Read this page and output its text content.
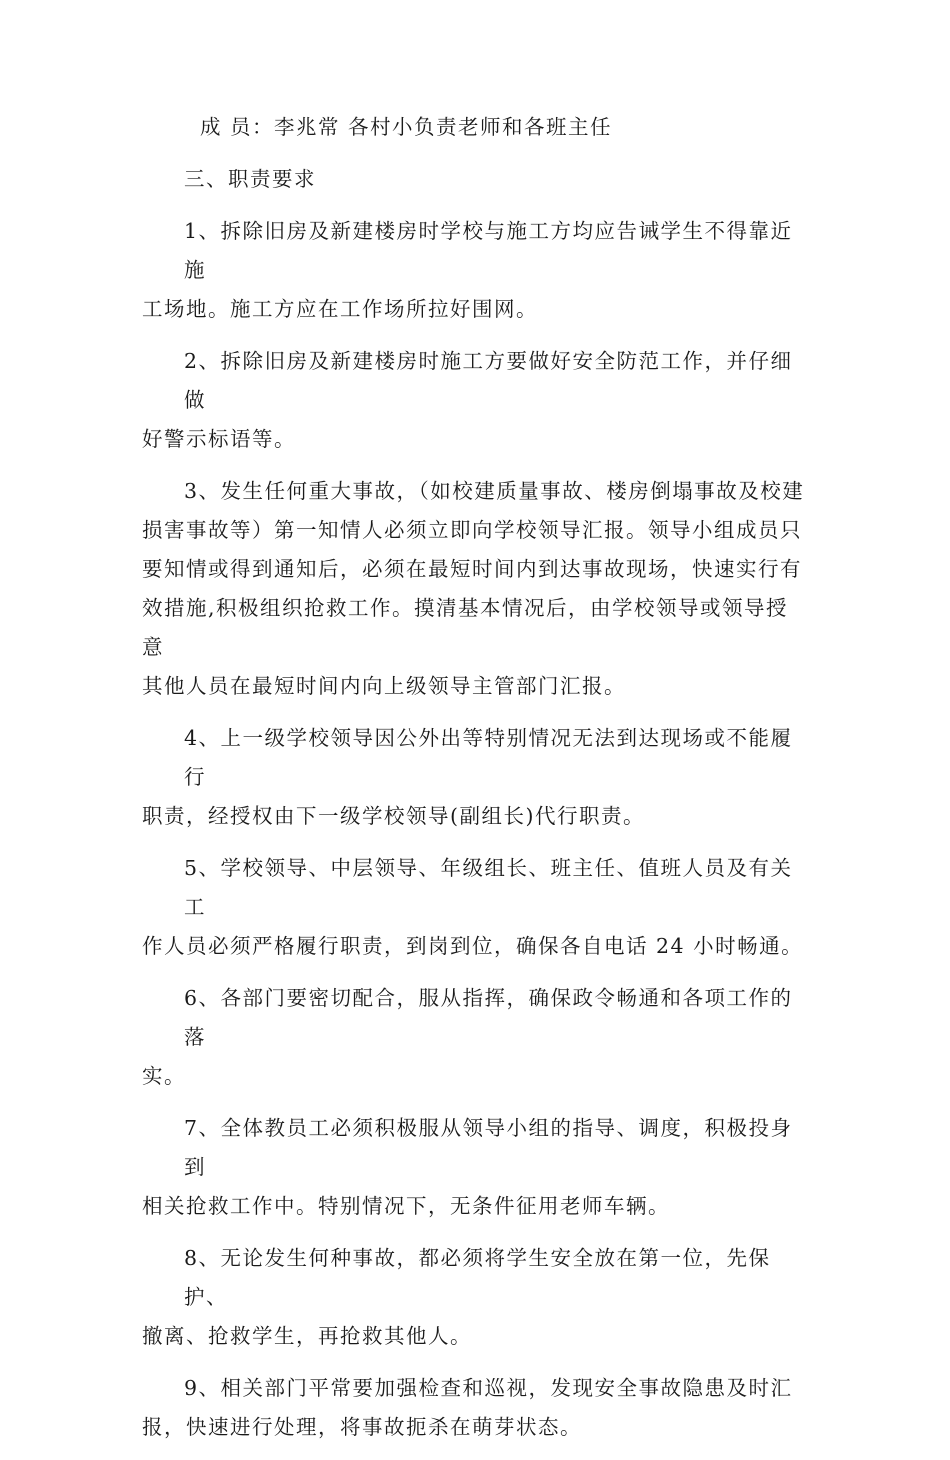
成 员：李兆常 各村小负责老师和各班主任

三、职责要求

1、拆除旧房及新建楼房时学校与施工方均应告诫学生不得靠近施

工场地。施工方应在工作场所拉好围网。

2、拆除旧房及新建楼房时施工方要做好安全防范工作，并仔细做

好警示标语等。

3、发生任何重大事故，（如校建质量事故、楼房倒塌事故及校建

损害事故等）第一知情人必须立即向学校领导汇报。领导小组成员只

要知情或得到通知后，必须在最短时间内到达事故现场，快速实行有

效措施,积极组织抢救工作。摸清基本情况后，由学校领导或领导授意

其他人员在最短时间内向上级领导主管部门汇报。

4、上一级学校领导因公外出等特别情况无法到达现场或不能履行

职责，经授权由下一级学校领导(副组长)代行职责。

5、学校领导、中层领导、年级组长、班主任、值班人员及有关工

作人员必须严格履行职责，到岗到位，确保各自电话 24 小时畅通。

6、各部门要密切配合，服从指挥，确保政令畅通和各项工作的落

实。

7、全体教员工必须积极服从领导小组的指导、调度，积极投身到

相关抢救工作中。特别情况下，无条件征用老师车辆。

8、无论发生何种事故，都必须将学生安全放在第一位，先保护、

撤离、抢救学生，再抢救其他人。

9、相关部门平常要加强检查和巡视，发现安全事故隐患及时汇

报，快速进行处理，将事故扼杀在萌芽状态。
